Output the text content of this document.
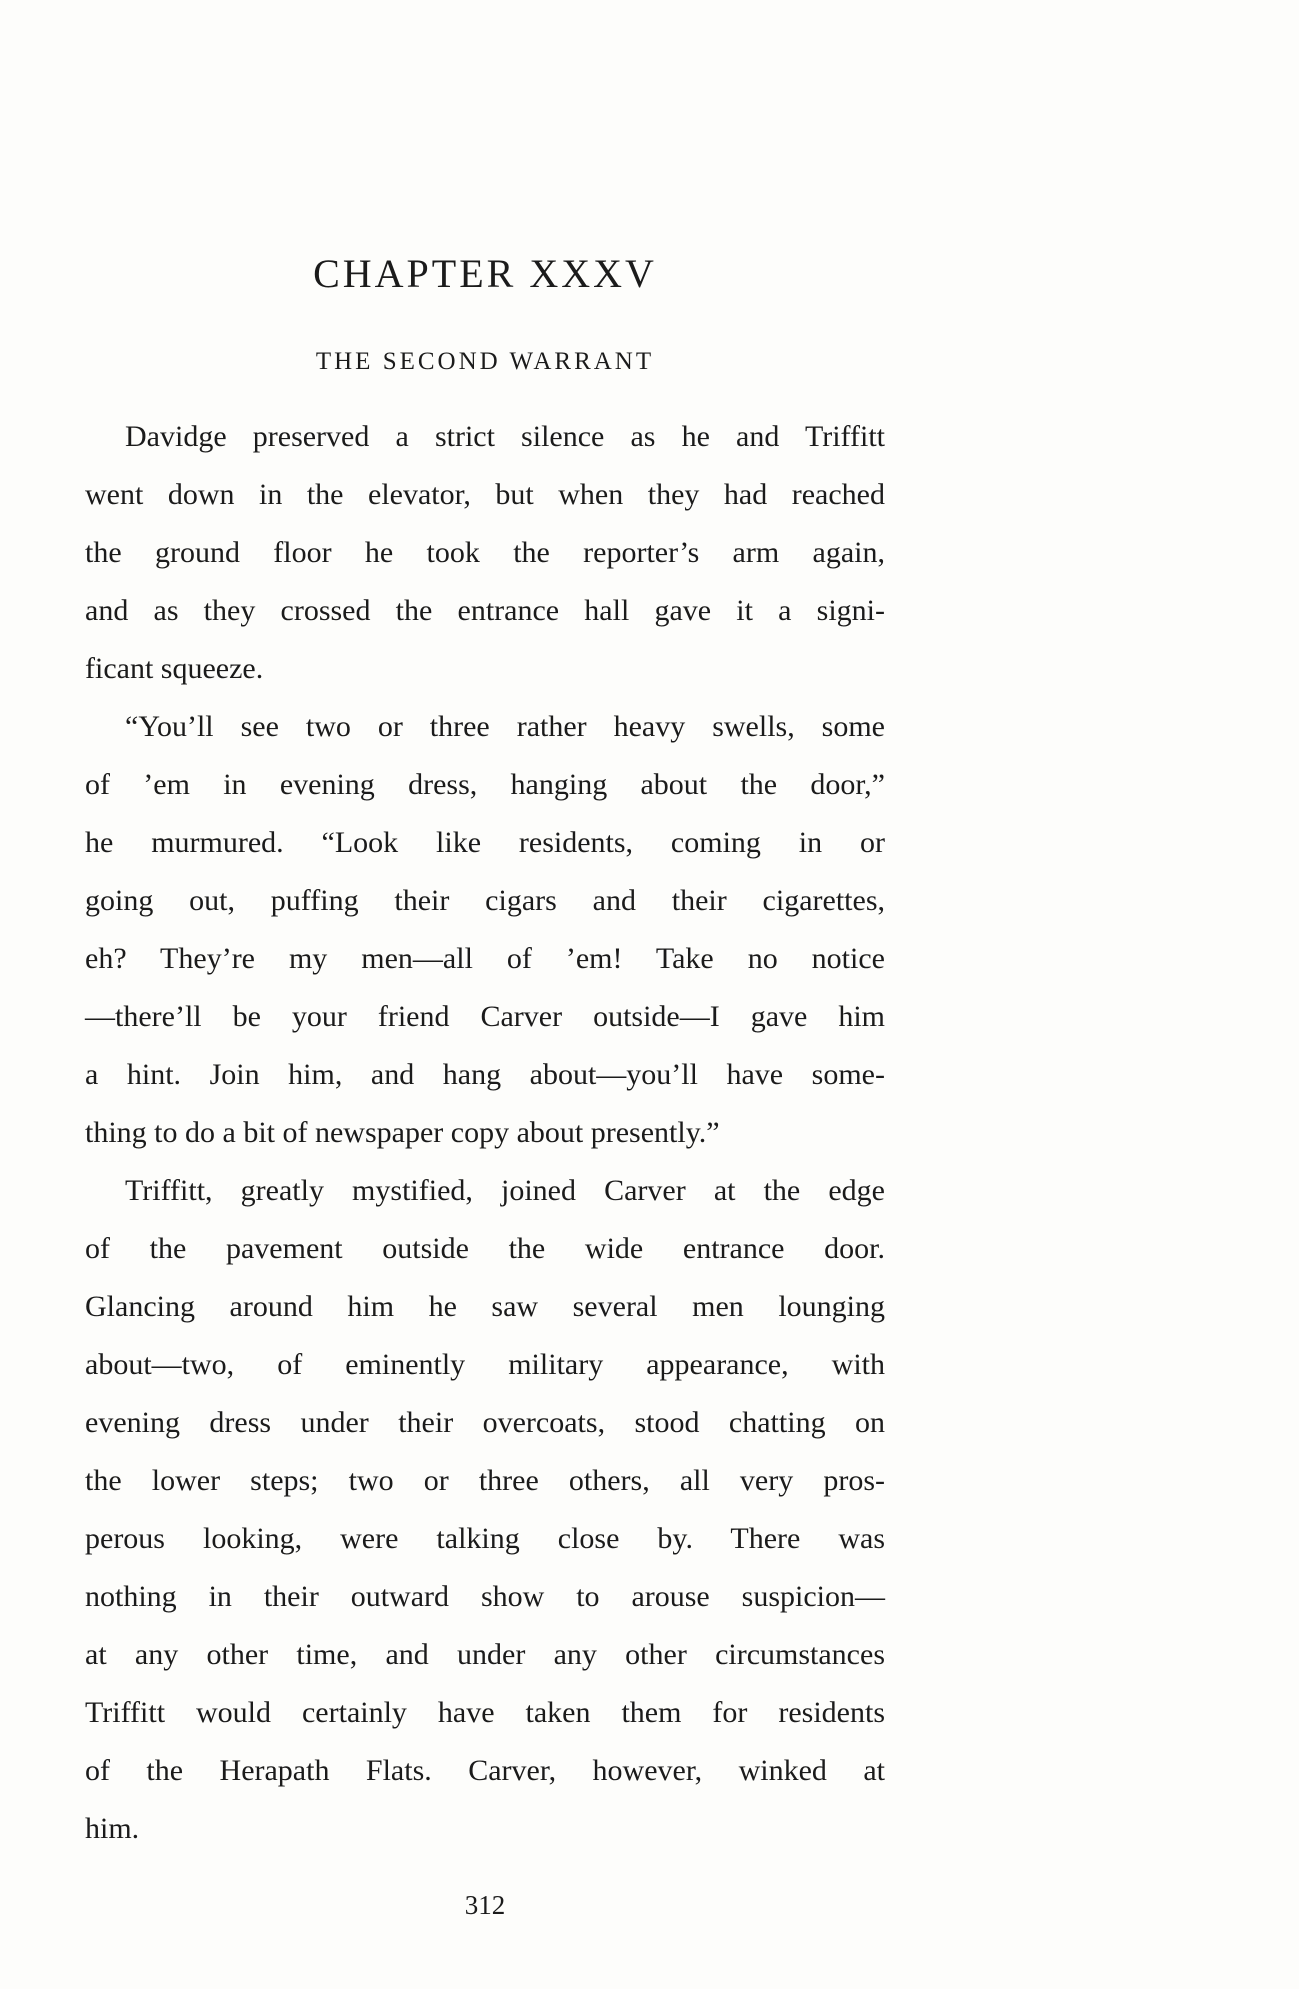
CHAPTER XXXV
THE SECOND WARRANT
Davidge preserved a strict silence as he and Triffitt
went down in the elevator, but when they had reached
the ground floor he took the reporter’s arm again,
and as they crossed the entrance hall gave it a signi-
ficant squeeze.
“You’ll see two or three rather heavy swells, some
of ’em in evening dress, hanging about the door,”
he murmured. “Look like residents, coming in or
going out, puffing their cigars and their cigarettes,
eh? They’re my men—all of ’em! Take no notice
—there’ll be your friend Carver outside—I gave him
a hint. Join him, and hang about—you’ll have some-
thing to do a bit of newspaper copy about presently.”
Triffitt, greatly mystified, joined Carver at the edge
of the pavement outside the wide entrance door.
Glancing around him he saw several men lounging
about—two, of eminently military appearance, with
evening dress under their overcoats, stood chatting on
the lower steps; two or three others, all very pros-
perous looking, were talking close by. There was
nothing in their outward show to arouse suspicion—
at any other time, and under any other circumstances
Triffitt would certainly have taken them for residents
of the Herapath Flats. Carver, however, winked at
him.
312
